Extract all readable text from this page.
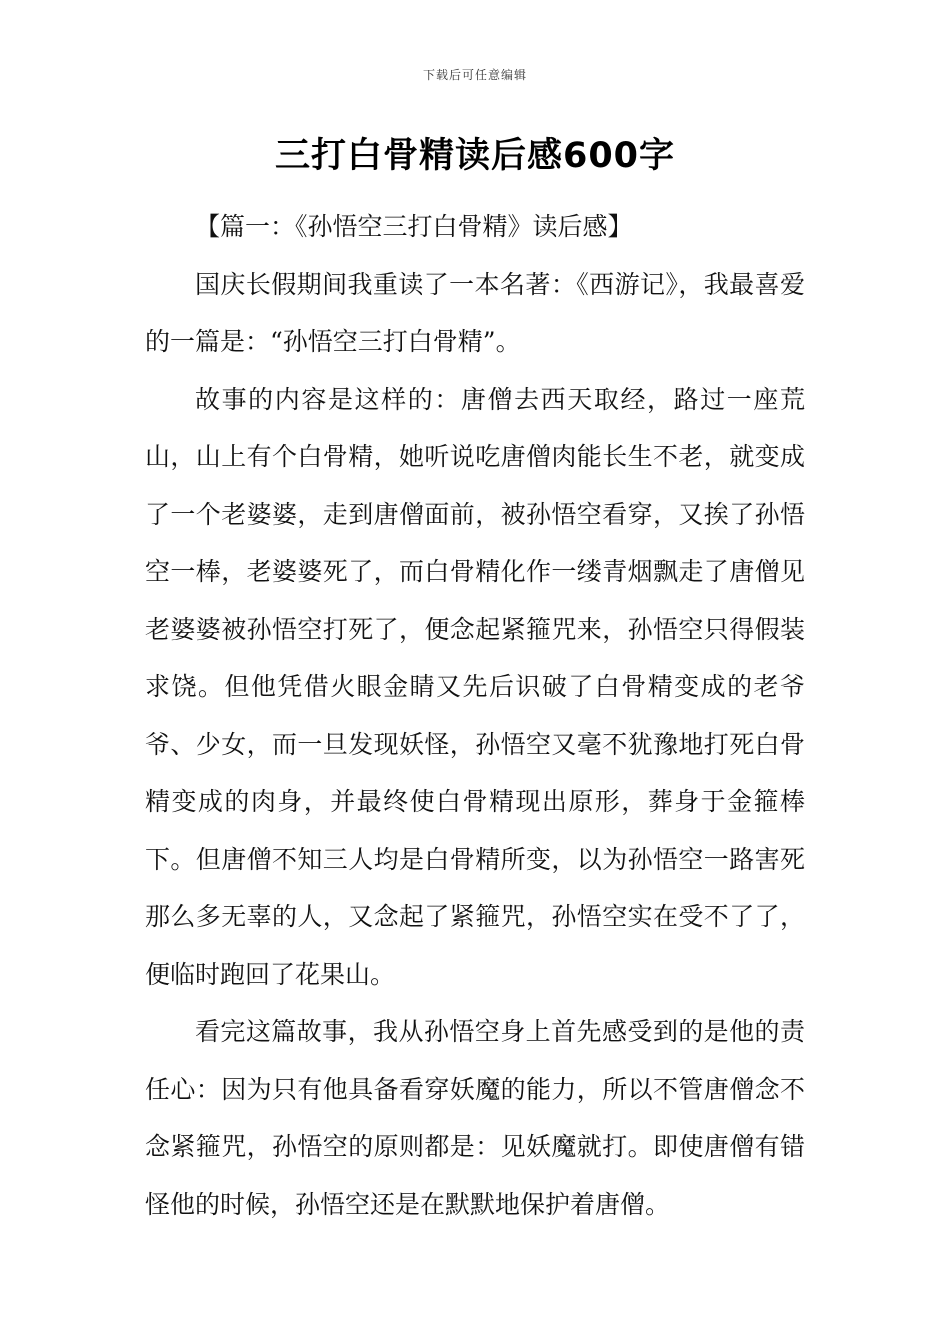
下载后可任意编辑
三打白骨精读后感600字

【篇一：《孙悟空三打白骨精》读后感】

国庆长假期间我重读了一本名著：《西游记》，我最喜爱的一篇是：“孙悟空三打白骨精”。

故事的内容是这样的：唐僧去西天取经，路过一座荒山，山上有个白骨精，她听说吃唐僧肉能长生不老，就变成了一个老婆婆，走到唐僧面前，被孙悟空看穿，又挨了孙悟空一棒，老婆婆死了，而白骨精化作一缕青烟飘走了唐僧见老婆婆被孙悟空打死了，便念起紧箍咒来，孙悟空只得假装求饶。但他凭借火眼金睛又先后识破了白骨精变成的老爷爷、少女，而一旦发现妖怪，孙悟空又毫不犹豫地打死白骨精变成的肉身，并最终使白骨精现出原形，葬身于金箍棒下。但唐僧不知三人均是白骨精所变，以为孙悟空一路害死那么多无辜的人，又念起了紧箍咒，孙悟空实在受不了了，便临时跑回了花果山。

看完这篇故事，我从孙悟空身上首先感受到的是他的责任心：因为只有他具备看穿妖魔的能力，所以不管唐僧念不念紧箍咒，孙悟空的原则都是：见妖魔就打。即使唐僧有错怪他的时候，孙悟空还是在默默地保护着唐僧。
